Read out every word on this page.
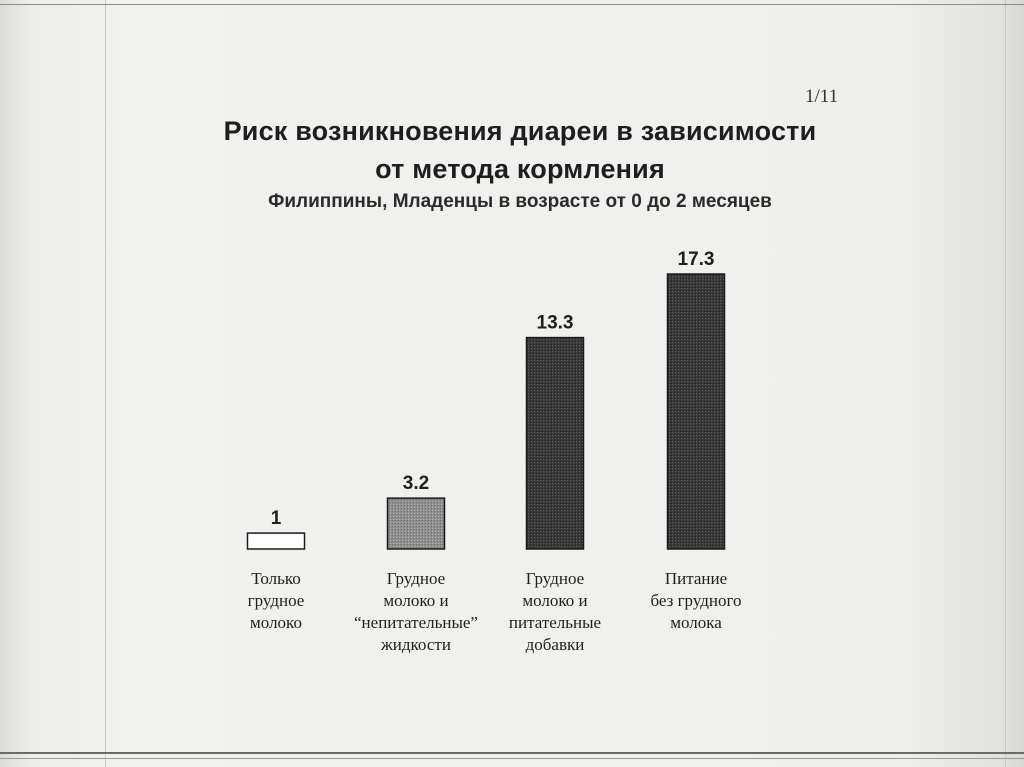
1/11
Риск возникновения диареи в зависимости
от метода кормления
Филиппины, Младенцы в возрасте от 0 до 2 месяцев
1
3.2
13.3
17.3
Только
грудное
молоко
Грудное
молоко и
“непитательные”
жидкости
Грудное
молоко и
питательные
добавки
Питание
без грудного
молока
